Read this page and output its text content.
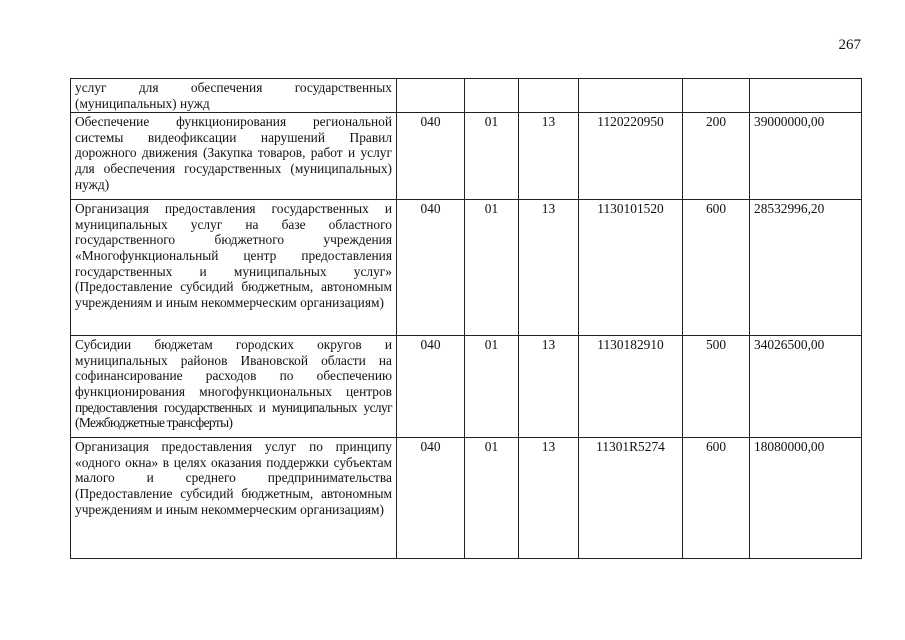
267
услуг для обеспечения государственных (муниципальных) нужд						
Обеспечение функционирования региональной системы видеофиксации нарушений Правил дорожного движения (Закупка товаров, работ и услуг для обеспечения государственных (муниципальных) нужд)	040	01	13	1120220950	200	39000000,00
Организация предоставления государственных и муниципальных услуг на базе областного государственного бюджетного учреждения «Многофункциональный центр предоставления государственных и муниципальных услуг» (Предоставление субсидий бюджетным, автономным учреждениям и иным некоммерческим организациям)	040	01	13	1130101520	600	28532996,20
Субсидии бюджетам городских округов и муниципальных районов Ивановской области на софинансирование расходов по обеспечению функционирования многофункциональных центров предоставления государственных и муниципальных услуг (Межбюджетные трансферты)	040	01	13	1130182910	500	34026500,00
Организация предоставления услуг по принципу «одного окна» в целях оказания поддержки субъектам малого и среднего предпринимательства (Предоставление субсидий бюджетным, автономным учреждениям и иным некоммерческим организациям)	040	01	13	11301R5274	600	18080000,00
